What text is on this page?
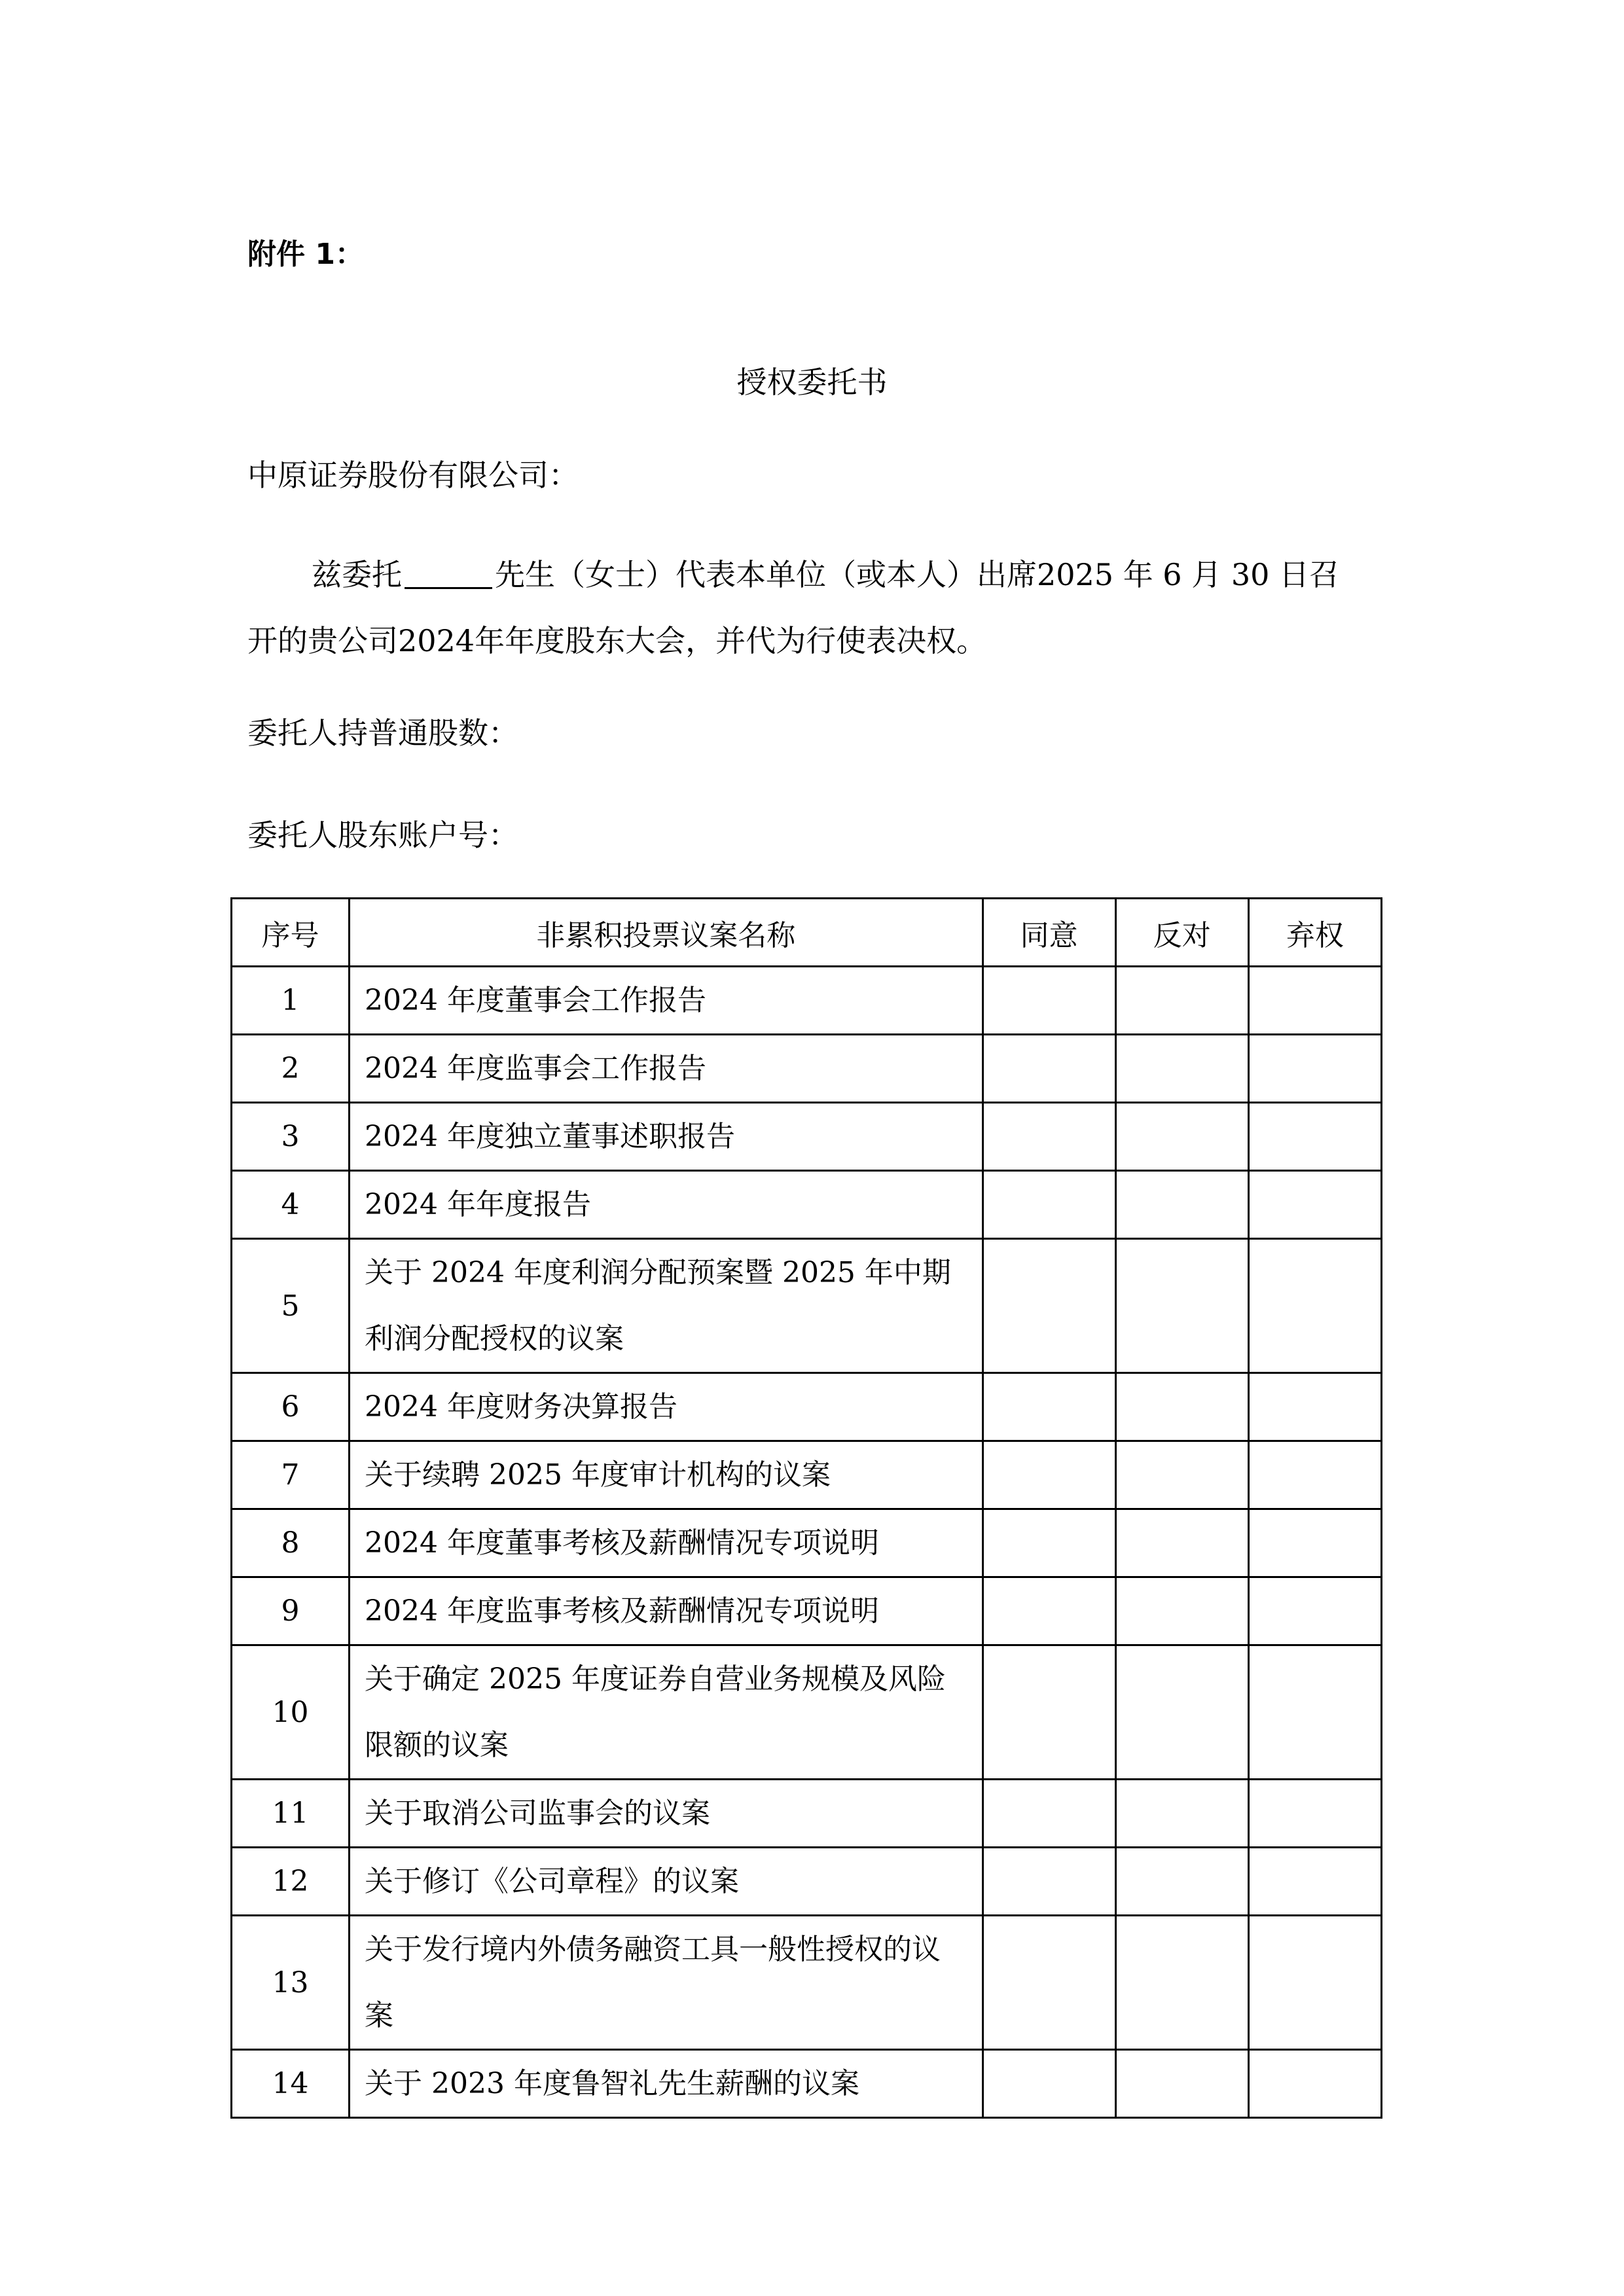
附件 1：

授权委托书

中原证券股份有限公司：

兹委托	先生（女士）代表本单位（或本人）出席2025 年 6 月 30 日召
开的贵公司2024年年度股东大会，并代为行使表决权。

委托人持普通股数：

委托人股东账户号：

序号	非累积投票议案名称	同意	反对	弃权
1	2024 年度董事会工作报告			

2	2024 年度监事会工作报告			

3	2024 年度独立董事述职报告			

4	2024 年年度报告			

5	关于 2024 年度利润分配预案暨 2025 年中期利润分配授权的议案			

6	2024 年度财务决算报告			

7	关于续聘 2025 年度审计机构的议案			

8	2024 年度董事考核及薪酬情况专项说明			

9	2024 年度监事考核及薪酬情况专项说明			

10	关于确定 2025 年度证券自营业务规模及风险限额的议案			

11	关于取消公司监事会的议案			

12	关于修订《公司章程》的议案			

13	关于发行境内外债务融资工具一般性授权的议案			

14	关于 2023 年度鲁智礼先生薪酬的议案			
